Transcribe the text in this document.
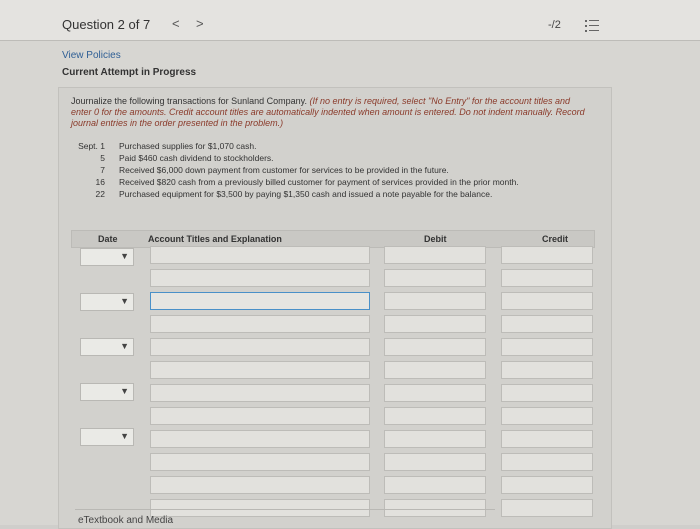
Question 2 of 7 < >	-/2
View Policies
Current Attempt in Progress
Journalize the following transactions for Sunland Company. (If no entry is required, select "No Entry" for the account titles and enter 0 for the amounts. Credit account titles are automatically indented when amount is entered. Do not indent manually. Record journal entries in the order presented in the problem.)
Sept. 1 Purchased supplies for $1,070 cash.
5 Paid $460 cash dividend to stockholders.
7 Received $6,000 down payment from customer for services to be provided in the future.
16 Received $820 cash from a previously billed customer for payment of services provided in the prior month.
22 Purchased equipment for $3,500 by paying $1,350 cash and issued a note payable for the balance.
Date	Account Titles and Explanation	Debit	Credit
▼
▼
▼
▼
▼
eTextbook and Media
